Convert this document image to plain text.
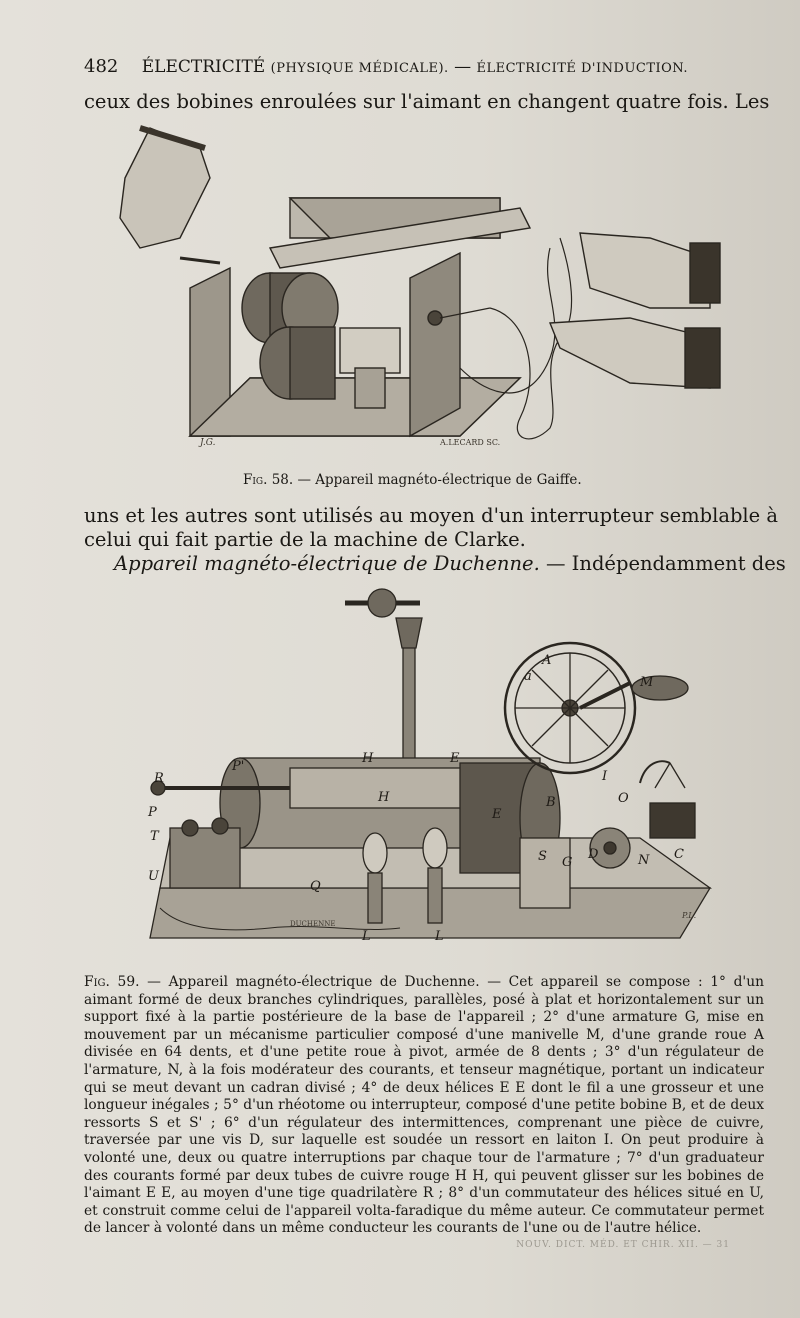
482 ÉLECTRICITÉ (PHYSIQUE MÉDICALE). — ÉLECTRICITÉ D'INDUCTION.
ceux des bobines enroulées sur l'aimant en changent quatre fois. Les
J.G.	A.LECARD SC.
Fig. 58. — Appareil magnéto-électrique de Gaiffe.
uns et les autres sont utilisés au moyen d'un interrupteur semblable à
celui qui fait partie de la machine de Clarke.
Appareil magnéto-électrique de Duchenne. — Indépendamment des
A
a	M
H
H
E
R
P'
P
T
U
Q
B
I
O
N C
S G
D
E
L	L
DUCHENNE
P.L.

Fig. 59. — Appareil magnéto-électrique de Duchenne. — Cet appareil se compose : 1° d'un aimant formé de deux branches cylindriques, parallèles, posé à plat et horizontalement sur un support fixé à la partie postérieure de la base de l'appareil ; 2° d'une armature G, mise en mouvement par un mécanisme particulier composé d'une manivelle M, d'une grande roue A divisée en 64 dents, et d'une petite roue à pivot, armée de 8 dents ; 3° d'un régulateur de l'armature, N, à la fois modérateur des courants, et tenseur magnétique, portant un indicateur qui se meut devant un cadran divisé ; 4° de deux hélices E E dont le fil a une grosseur et une longueur inégales ; 5° d'un rhéotome ou interrupteur, composé d'une petite bobine B, et de deux ressorts S et S' ; 6° d'un régulateur des intermittences, comprenant une pièce de cuivre, traversée par une vis D, sur laquelle est soudée un ressort en laiton I. On peut produire à volonté une, deux ou quatre interruptions par chaque tour de l'armature ; 7° d'un graduateur des courants formé par deux tubes de cuivre rouge H H, qui peuvent glisser sur les bobines de l'aimant E E, au moyen d'une tige quadrilatère R ; 8° d'un commutateur des hélices situé en U, et construit comme celui de l'appareil volta-faradique du même auteur. Ce commutateur permet de lancer à volonté dans un même conducteur les courants de l'une ou de l'autre hélice.

NOUV. DICT. MÉD. ET CHIR. XII. — 31
